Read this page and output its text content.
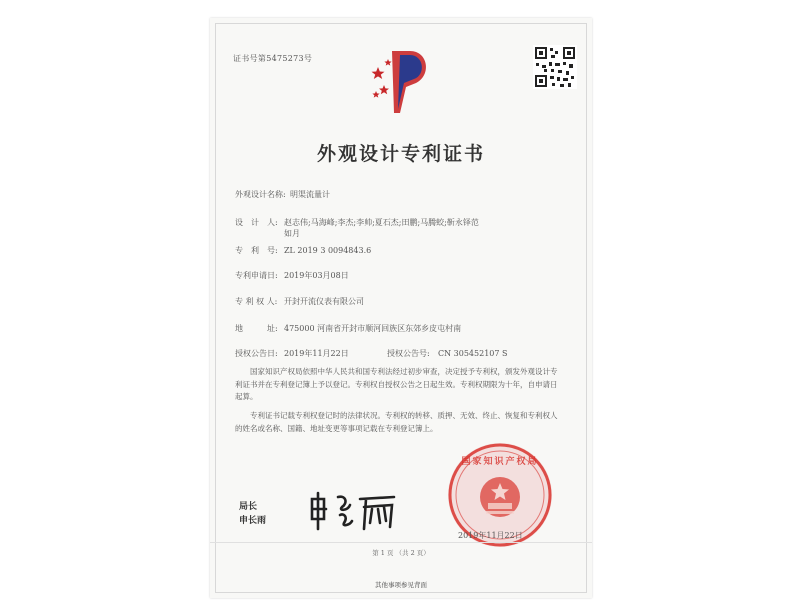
证书号第5475273号
外观设计专利证书
外观设计名称: 明渠流量计
设　计　人: 赵志伟;马海峰;李杰;李帅;夏石杰;田鹏;马腾蛟;靳永铎范如月
专　利　号: ZL 2019 3 0094843.6
专利申请日: 2019年03月08日
专 利 权 人: 开封开流仪表有限公司
地　　　址: 475000 河南省开封市顺河回族区东郊乡皮屯村南
授权公告日: 2019年11月22日	授权公告号:	CN 305452107 S
国家知识产权局依照中华人民共和国专利法经过初步审查，决定授予专利权，颁发外观设计专利证书并在专利登记簿上予以登记。专利权自授权公告之日起生效。专利权期限为十年，自申请日起算。
专利证书记载专利权登记时的法律状况。专利权的转移、质押、无效、终止、恢复和专利权人的姓名或名称、国籍、地址变更等事项记载在专利登记簿上。
局长
申长雨
国家知识产权局
2019年11月22日
第 1 页 （共 2 页）
其他事项参见背面
